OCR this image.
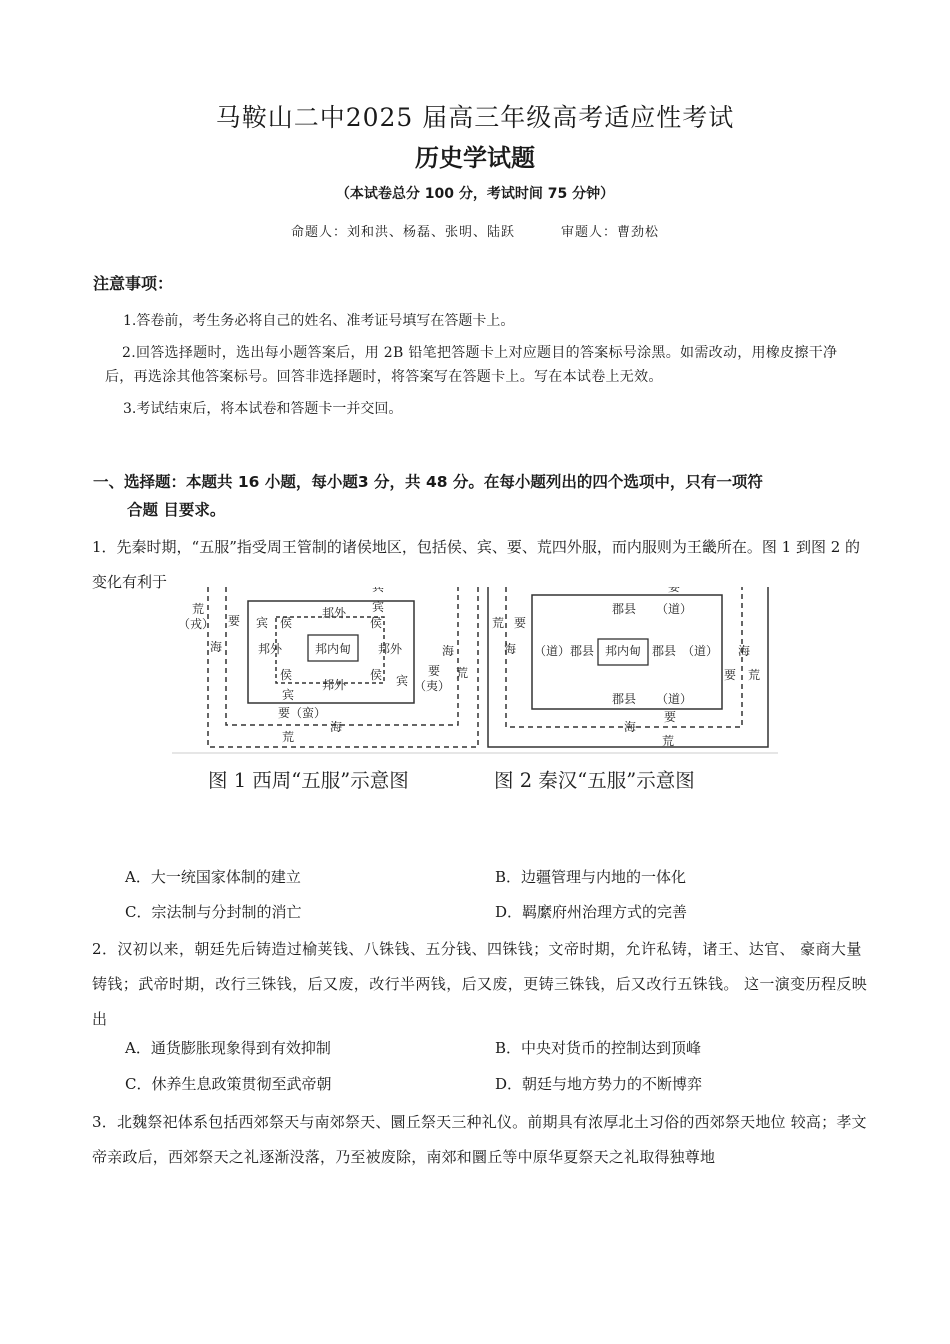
马鞍山二中2025 届高三年级高考适应性考试
历史学试题
（本试卷总分 100 分，考试时间 75 分钟）
命题人：刘和洪、杨磊、张明、陆跃	审题人：曹劲松
注意事项：
1.答卷前，考生务必将自己的姓名、准考证号填写在答题卡上。
2.回答选择题时，选出每小题答案后，用 2B 铅笔把答题卡上对应题目的答案标号涂黑。如需改动，用橡皮擦干净后，再选涂其他答案标号。回答非选择题时，将答案写在答题卡上。写在本试卷上无效。
3.考试结束后，将本试卷和答题卡一并交回。
一、选择题：本题共 16 小题，每小题3 分，共 48 分。在每小题列出的四个选项中，只有一项符
合题 目要求。
1．先秦时期，“五服”指受周王管制的诸侯地区，包括侯、宾、要、荒四外服，而内服则为王畿所在。图 1 到图 2 的变化有利于	宾
荒（戎） 要
海
宾 侯
邦外 宾
侯
邦外	邦内甸 邦外
侯	侯 宾
邦外
宾
要（夷）
海
荒
要（蛮）
海
荒
要
荒 要
海
郡县 （道）
（道） 郡县 邦内甸 郡县 （道）
郡县 （道）
要
海
荒
海
要 荒
图 1 西周“五服”示意图	图 2 秦汉“五服”示意图
A．大一统国家体制的建立	B．边疆管理与内地的一体化
C．宗法制与分封制的消亡	D．羁縻府州治理方式的完善
2．汉初以来，朝廷先后铸造过榆荚钱、八铢钱、五分钱、四铢钱；文帝时期，允许私铸，诸王、达官、 豪商大量铸钱；武帝时期，改行三铢钱，后又废，改行半两钱，后又废，更铸三铢钱，后又改行五铢钱。 这一演变历程反映出
A．通货膨胀现象得到有效抑制	B．中央对货币的控制达到顶峰
C．休养生息政策贯彻至武帝朝	D．朝廷与地方势力的不断博弈
3．北魏祭祀体系包括西郊祭天与南郊祭天、圜丘祭天三种礼仪。前期具有浓厚北土习俗的西郊祭天地位 较高；孝文帝亲政后，西郊祭天之礼逐渐没落，乃至被废除，南郊和圜丘等中原华夏祭天之礼取得独尊地
